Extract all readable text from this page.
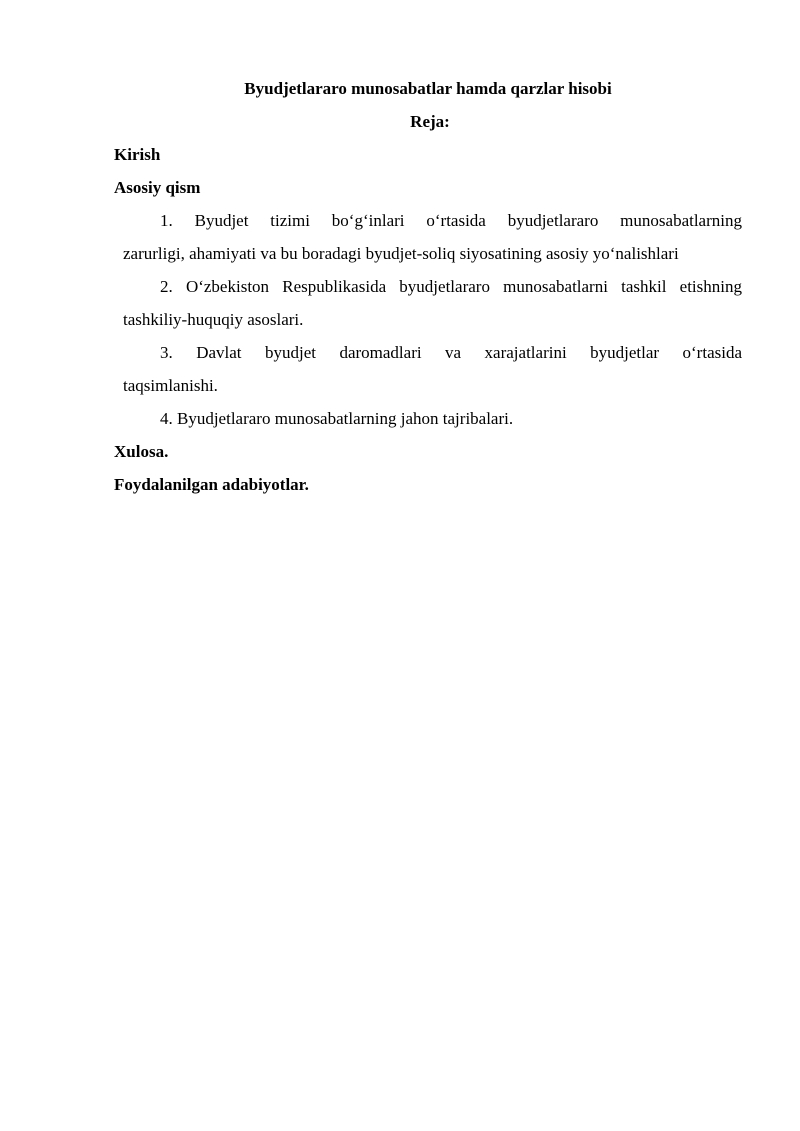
Byudjetlararo munosabatlar hamda qarzlar hisobi
Reja:
Kirish
Asosiy qism
1. Byudjet tizimi bo‘g‘inlari o‘rtasida byudjetlararo munosabatlarning
zarurligi, ahamiyati va bu boradagi byudjet-soliq siyosatining asosiy yo‘nalishlari
2. O‘zbekiston Respublikasida byudjetlararo munosabatlarni tashkil etishning
tashkiliy-huquqiy asoslari.
3. Davlat byudjet daromadlari va xarajatlarini byudjetlar o‘rtasida
taqsimlanishi.
4. Byudjetlararo munosabatlarning jahon tajribalari.
Xulosa.
Foydalanilgan adabiyotlar.
